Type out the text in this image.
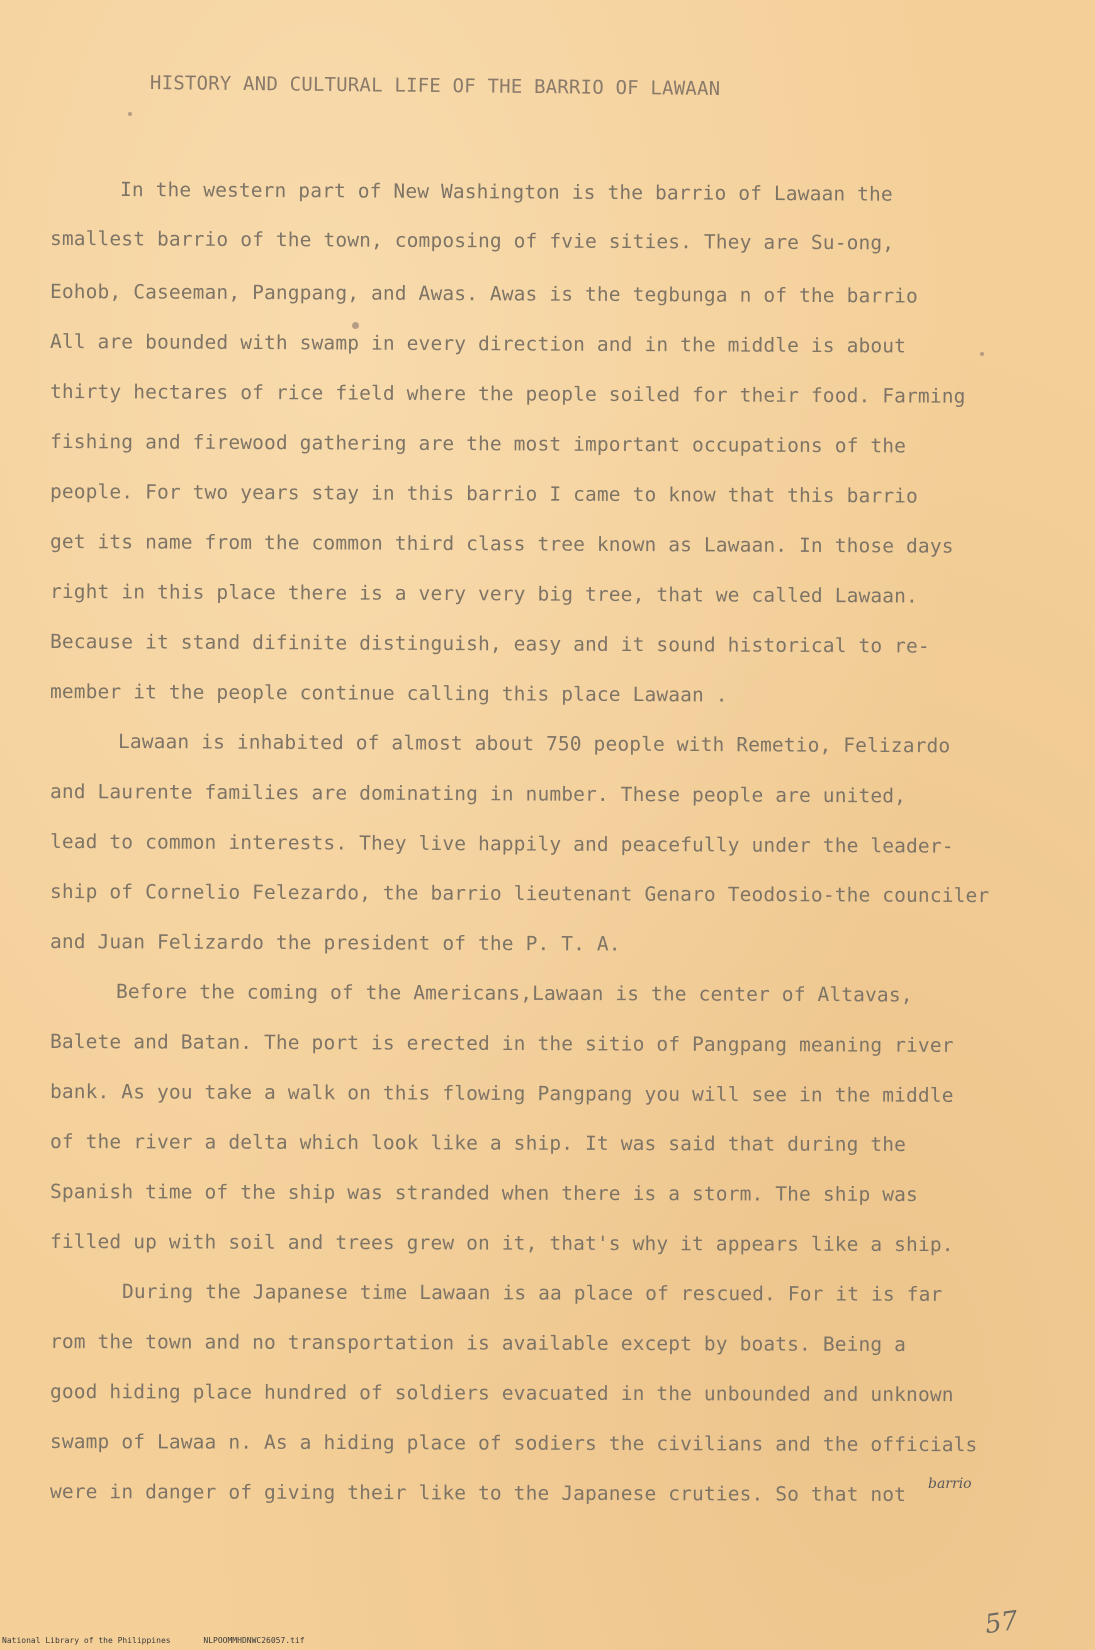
HISTORY AND CULTURAL LIFE OF THE BARRIO OF LAWAAN
In the western part of New Washington is the barrio of Lawaan the
smallest barrio of the town, composing of fvie sities. They are Su-ong,
Eohob, Caseeman, Pangpang, and Awas. Awas is the tegbunga n of the barrio
All are bounded with swamp in every direction and in the middle is about
thirty hectares of rice field where the people soiled for their food. Farming
fishing and firewood gathering are the most important occupations of the
people. For two years stay in this barrio I came to know that this barrio
get its name from the common third class tree known as Lawaan. In those days
right in this place there is a very very big tree, that we called Lawaan.
Because it stand difinite distinguish, easy and it sound historical to re-
member it the people continue calling this place Lawaan .
Lawaan is inhabited of almost about 750 people with Remetio, Felizardo
and Laurente families are dominating in number. These people are united,
lead to common interests. They live happily and peacefully under the leader-
ship of Cornelio Felezardo, the barrio lieutenant Genaro Teodosio-the counciler
and Juan Felizardo the president of the P. T. A.
Before the coming of the Americans,Lawaan is the center of Altavas,
Balete and Batan. The port is erected in the sitio of Pangpang meaning river
bank. As you take a walk on this flowing Pangpang you will see in the middle
of the river a delta which look like a ship. It was said that during the
Spanish time of the ship was stranded when there is a storm. The ship was
filled up with soil and trees grew on it, that's why it appears like a ship.
During the Japanese time Lawaan is aa place of rescued. For it is far
rom the town and no transportation is available except by boats. Being a
good hiding place hundred of soldiers evacuated in the unbounded and unknown
swamp of Lawaa n. As a hiding place of sodiers the civilians and the officials
were in danger of giving their like to the Japanese cruties. So that not barrio
57
National Library of the Philippines	NLPOOMMHDNWC26057.tif
